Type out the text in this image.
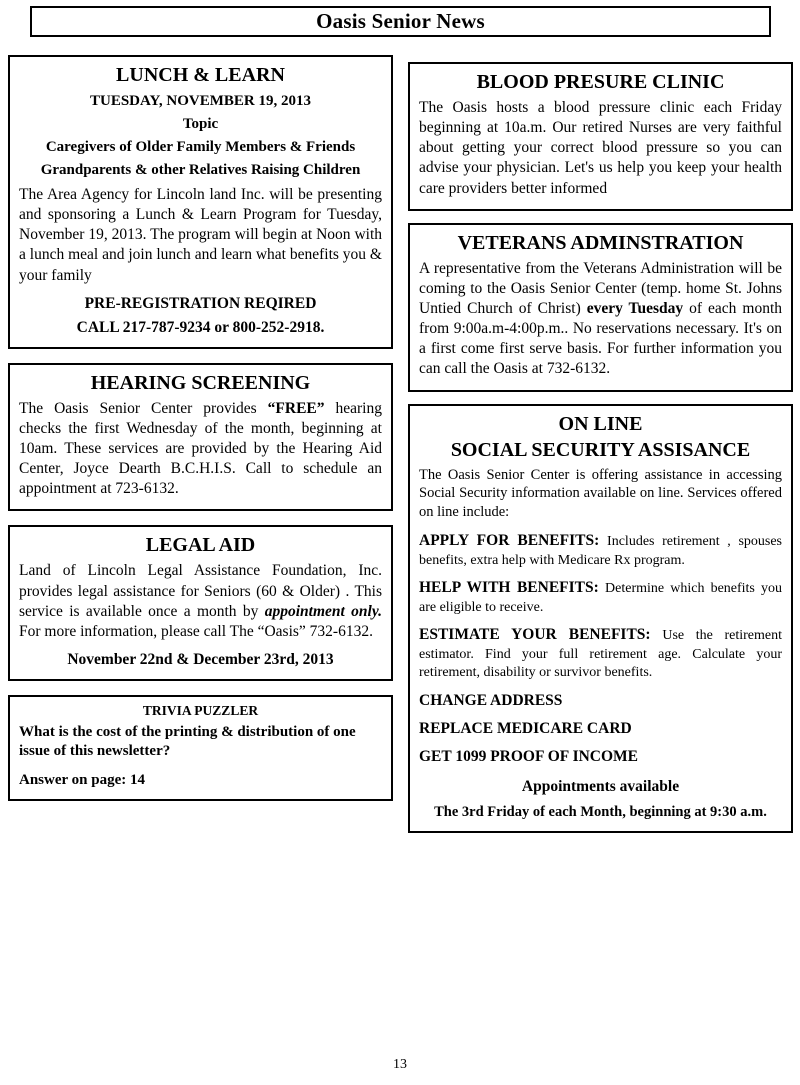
Oasis Senior News
LUNCH & LEARN
TUESDAY, NOVEMBER 19, 2013
Topic
Caregivers of Older Family Members & Friends
Grandparents & other Relatives Raising Children
The Area Agency for Lincoln land Inc. will be presenting and sponsoring a Lunch & Learn Program for Tuesday, November 19, 2013. The program will begin at Noon with a lunch meal and join lunch and learn what benefits you & your family
PRE-REGISTRATION REQIRED
CALL 217-787-9234 or 800-252-2918.
HEARING SCREENING
The Oasis Senior Center provides “FREE” hearing checks the first Wednesday of the month, beginning at 10am. These services are provided by the Hearing Aid Center, Joyce Dearth B.C.H.I.S. Call to schedule an appointment at 723-6132.
LEGAL AID
Land of Lincoln Legal Assistance Foundation, Inc. provides legal assistance for Seniors (60 & Older) . This service is available once a month by appointment only. For more information, please call The “Oasis” 732-6132.
November 22nd & December 23rd, 2013
TRIVIA PUZZLER
What is the cost of the printing & distribution of one issue of this newsletter?
Answer on page: 14
BLOOD PRESURE CLINIC
The Oasis hosts a blood pressure clinic each Friday beginning at 10a.m. Our retired Nurses are very faithful about getting your correct blood pressure so you can advise your physician. Let's us help you keep your health care providers better informed
VETERANS ADMINSTRATION
A representative from the Veterans Administration will be coming to the Oasis Senior Center (temp. home St. Johns Untied Church of Christ) every Tuesday of each month from 9:00a.m-4:00p.m.. No reservations necessary. It's on a first come first serve basis. For further information you can call the Oasis at 732-6132.
ON LINE
SOCIAL SECURITY ASSISANCE
The Oasis Senior Center is offering assistance in accessing Social Security information available on line. Services offered on line include:
APPLY FOR BENEFITS: Includes retirement , spouses benefits, extra help with Medicare Rx program.
HELP WITH BENEFITS: Determine which benefits you are eligible to receive.
ESTIMATE YOUR BENEFITS: Use the retirement estimator. Find your full retirement age. Calculate your retirement, disability or survivor benefits.
CHANGE ADDRESS
REPLACE MEDICARE CARD
GET 1099 PROOF OF INCOME
Appointments available
The 3rd Friday of each Month, beginning at 9:30 a.m.
13
